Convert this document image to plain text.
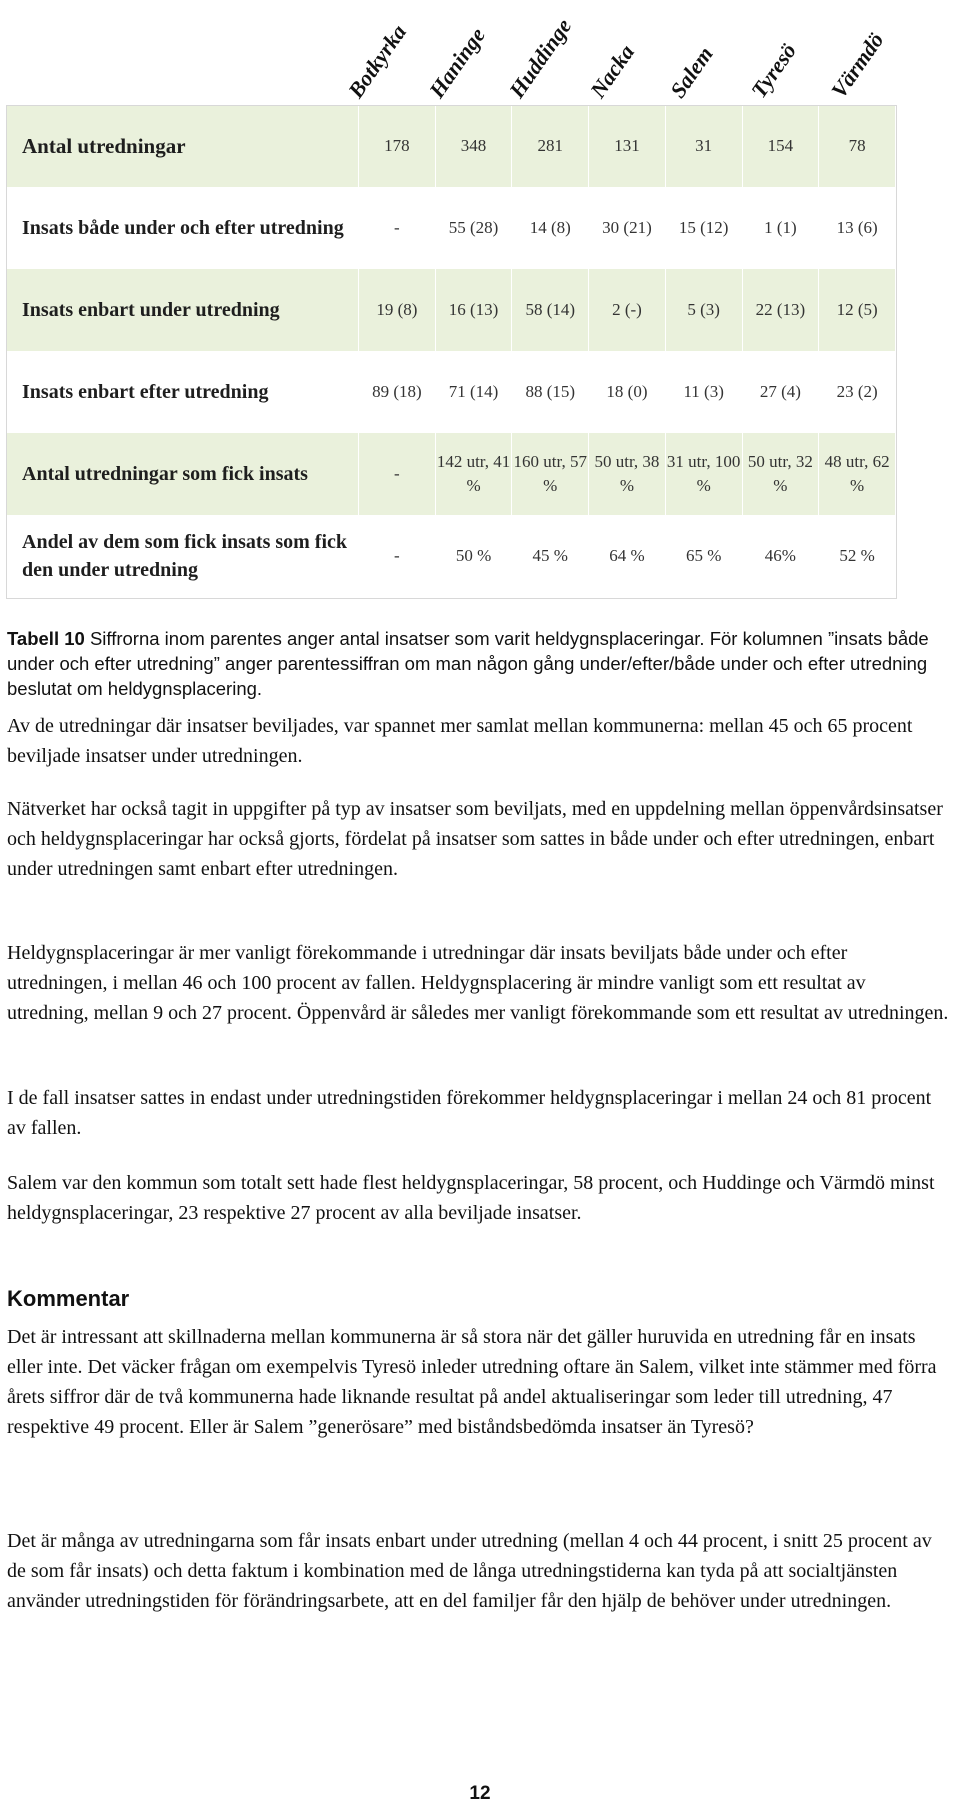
Botkyrka Haninge Huddinge Nacka Salem Tyresö Värmdö
Antal utredningar	178	348	281	131	31	154	78
Insats både under och efter utredning	-	55 (28)	14 (8)	30 (21)	15 (12)	1 (1)	13 (6)
Insats enbart under utredning	19 (8)	16 (13)	58 (14)	2 (-)	5 (3)	22 (13)	12 (5)
Insats enbart efter utredning	89 (18)	71 (14)	88 (15)	18 (0)	11 (3)	27 (4)	23 (2)
Antal utredningar som fick insats	-	142 utr, 41 %	160 utr, 57 %	50 utr, 38 %	31 utr, 100 %	50 utr, 32 %	48 utr, 62 %
Andel av dem som fick insats som fick den under utredning	-	50 %	45 %	64 %	65 %	46%	52 %
Tabell 10 Siffrorna inom parentes anger antal insatser som varit heldygnsplaceringar. För kolumnen ”insats både under och efter utredning” anger parentessiffran om man någon gång under/efter/både under och efter utredning beslutat om heldygnsplacering.

Av de utredningar där insatser beviljades, var spannet mer samlat mellan kommunerna: mellan 45 och 65 procent beviljade insatser under utredningen.

Nätverket har också tagit in uppgifter på typ av insatser som beviljats, med en uppdelning mellan öppenvårdsinsatser och heldygnsplaceringar har också gjorts, fördelat på insatser som sattes in både under och efter utredningen, enbart under utredningen samt enbart efter utredningen.

Heldygnsplaceringar är mer vanligt förekommande i utredningar där insats beviljats både under och efter utredningen, i mellan 46 och 100 procent av fallen. Heldygnsplacering är mindre vanligt som ett resultat av utredning, mellan 9 och 27 procent. Öppenvård är således mer vanligt förekommande som ett resultat av utredningen.

I de fall insatser sattes in endast under utredningstiden förekommer heldygnsplaceringar i mellan 24 och 81 procent av fallen.

Salem var den kommun som totalt sett hade flest heldygnsplaceringar, 58 procent, och Huddinge och Värmdö minst heldygnsplaceringar, 23 respektive 27 procent av alla beviljade insatser.

Kommentar

Det är intressant att skillnaderna mellan kommunerna är så stora när det gäller huruvida en utredning får en insats eller inte. Det väcker frågan om exempelvis Tyresö inleder utredning oftare än Salem, vilket inte stämmer med förra årets siffror där de två kommunerna hade liknande resultat på andel aktualiseringar som leder till utredning, 47 respektive 49 procent. Eller är Salem ”generösare” med biståndsbedömda insatser än Tyresö?

Det är många av utredningarna som får insats enbart under utredning (mellan 4 och 44 procent, i snitt 25 procent av de som får insats) och detta faktum i kombination med de långa utredningstiderna kan tyda på att socialtjänsten använder utredningstiden för förändringsarbete, att en del familjer får den hjälp de behöver under utredningen.

12
